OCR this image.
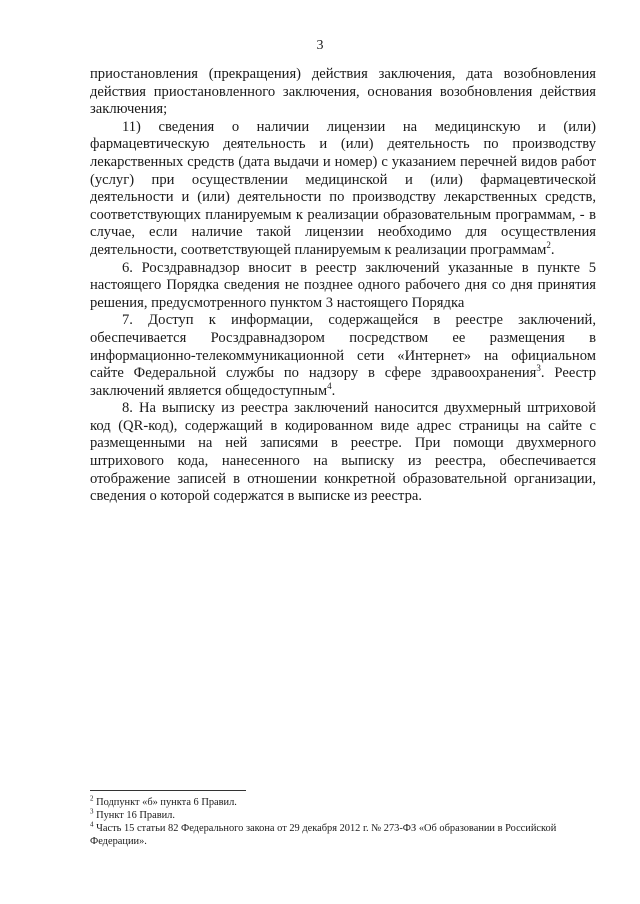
3

приостановления (прекращения) действия заключения, дата возобновления действия приостановленного заключения, основания возобновления действия заключения;

11) сведения о наличии лицензии на медицинскую и (или) фармацевтическую деятельность и (или) деятельность по производству лекарственных средств (дата выдачи и номер) с указанием перечней видов работ (услуг) при осуществлении медицинской и (или) фармацевтической деятельности и (или) деятельности по производству лекарственных средств, соответствующих планируемым к реализации образовательным программам, - в случае, если наличие такой лицензии необходимо для осуществления деятельности, соответствующей планируемым к реализации программам$^2$.

6. Росздравнадзор вносит в реестр заключений указанные в пункте 5 настоящего Порядка сведения не позднее одного рабочего дня со дня принятия решения, предусмотренного пунктом 3 настоящего Порядка

7. Доступ к информации, содержащейся в реестре заключений, обеспечивается Росздравнадзором посредством ее размещения в информационно-телекоммуникационной сети «Интернет» на официальном сайте Федеральной службы по надзору в сфере здравоохранения$^3$. Реестр заключений является общедоступным$^4$.

8. На выписку из реестра заключений наносится двухмерный штриховой код (QR-код), содержащий в кодированном виде адрес страницы на сайте с размещенными на ней записями в реестре. При помощи двухмерного штрихового кода, нанесенного на выписку из реестра, обеспечивается отображение записей в отношении конкретной образовательной организации, сведения о которой содержатся в выписке из реестра.

$^2$ Подпункт «б» пункта 6 Правил.

$^3$ Пункт 16 Правил.

$^4$ Часть 15 статьи 82 Федерального закона от 29 декабря 2012 г. № 273-ФЗ «Об образовании в Российской Федерации».
